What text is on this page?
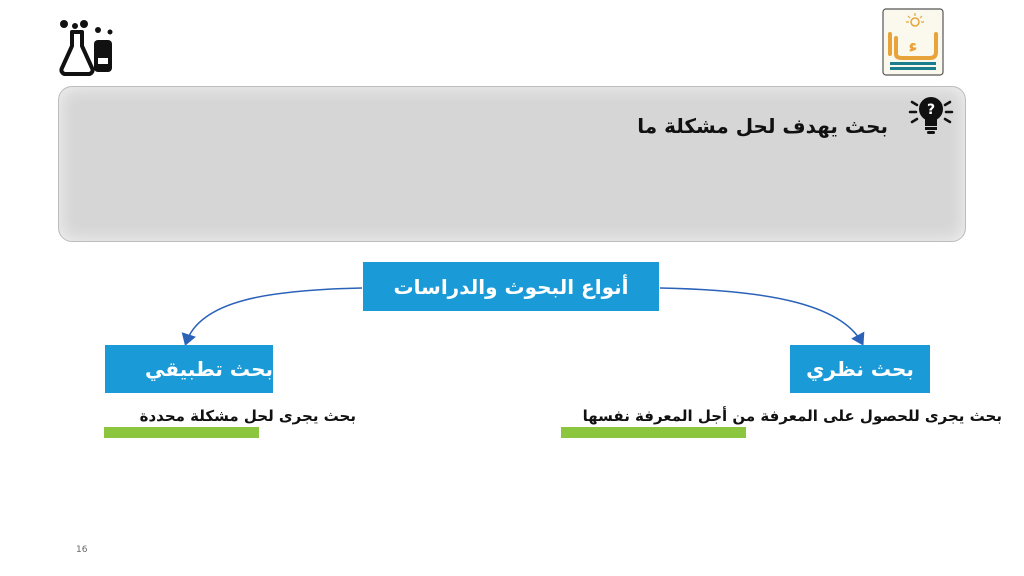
ﺀ
?
بحث يهدف لحل مشكلة ما
أنواع البحوث والدراسات
بحث تطبيقي
بحث يجرى لحل مشكلة محددة
بحث نظري
بحث يجرى للحصول على المعرفة من أجل المعرفة نفسها
16
